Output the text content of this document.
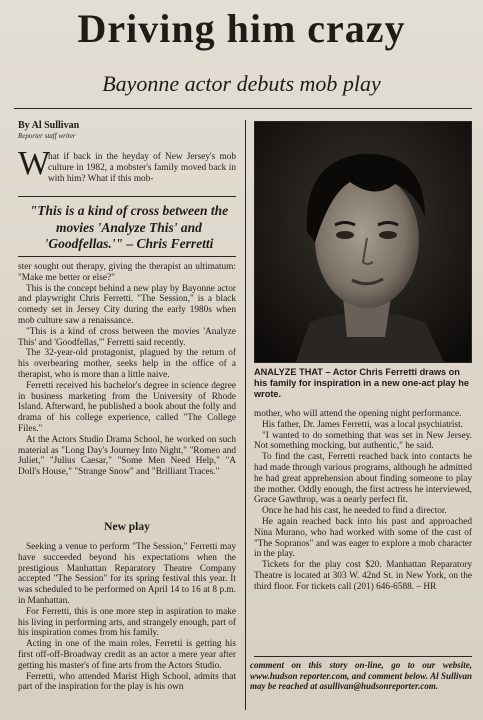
Driving him crazy
Bayonne actor debuts mob play
By Al Sullivan
Reporter staff writer
W
hat if back in the heyday of New Jersey's mob culture in 1982, a mobster's family moved back in with him? What if this mob-
"This is a kind of cross between the movies 'Analyze This' and 'Goodfellas.'" – Chris Ferretti

ster sought out therapy, giving the therapist an ultimatum: "Make me better or else?"

This is the concept behind a new play by Bayonne actor and playwright Chris Ferretti. "The Session," is a black comedy set in Jersey City during the early 1980s when mob culture saw a renaissance.

"This is a kind of cross between the movies 'Analyze This' and 'Goodfellas,'" Ferretti said recently.

The 32-year-old protagonist, plagued by the return of his overbearing mother, seeks help in the office of a therapist, who is more than a little naive.

Ferretti received his bachelor's degree in science degree in business marketing from the University of Rhode Island. Afterward, he published a book about the folly and drama of his college experience, called "The College Files."

At the Actors Studio Drama School, he worked on such material as "Long Day's Journey Into Night," "Romeo and Juliet," "Julius Caesar," "Some Men Need Help," "A Doll's House," "Strange Snow" and "Brilliant Traces."

New play

Seeking a venue to perform "The Session," Ferretti may have succeeded beyond his expectations when the prestigious Manhattan Reparatory Theatre Company accepted "The Session" for its spring festival this year. It was scheduled to be performed on April 14 to 16 at 8 p.m. in Manhattan.

For Ferretti, this is one more step in aspiration to make his living in performing arts, and strangely enough, part of his inspiration comes from his family.

Acting in one of the main roles, Ferretti is getting his first off-off-Broadway credit as an actor a mere year after getting his master's of fine arts from the Actors Studio.

Ferretti, who attended Marist High School, admits that part of the inspiration for the play is his own

ANALYZE THAT – Actor Chris Ferretti draws on his family for inspiration in a new one-act play he wrote.

mother, who will attend the opening night performance.

His father, Dr. James Ferretti, was a local psychiatrist.

"I wanted to do something that was set in New Jersey. Not something mocking, but authentic," he said.

To find the cast, Ferretti reached back into contacts he had made through various programs, although he admitted he had great apprehension about finding someone to play the mother. Oddly enough, the first actress he interviewed, Grace Gawthrop, was a nearly perfect fit.

Once he had his cast, he needed to find a director.

He again reached back into his past and approached Nina Murano, who had worked with some of the cast of "The Sopranos" and was eager to explore a mob character in the play.

Tickets for the play cost $20. Manhattan Reparatory Theatre is located at 303 W. 42nd St. in New York, on the third floor. For tickets call (201) 646-6588. – HR

comment on this story on-line, go to our website, www.hudson reporter.com, and comment below. Al Sullivan may be reached at asullivan@hudsonreporter.com.
